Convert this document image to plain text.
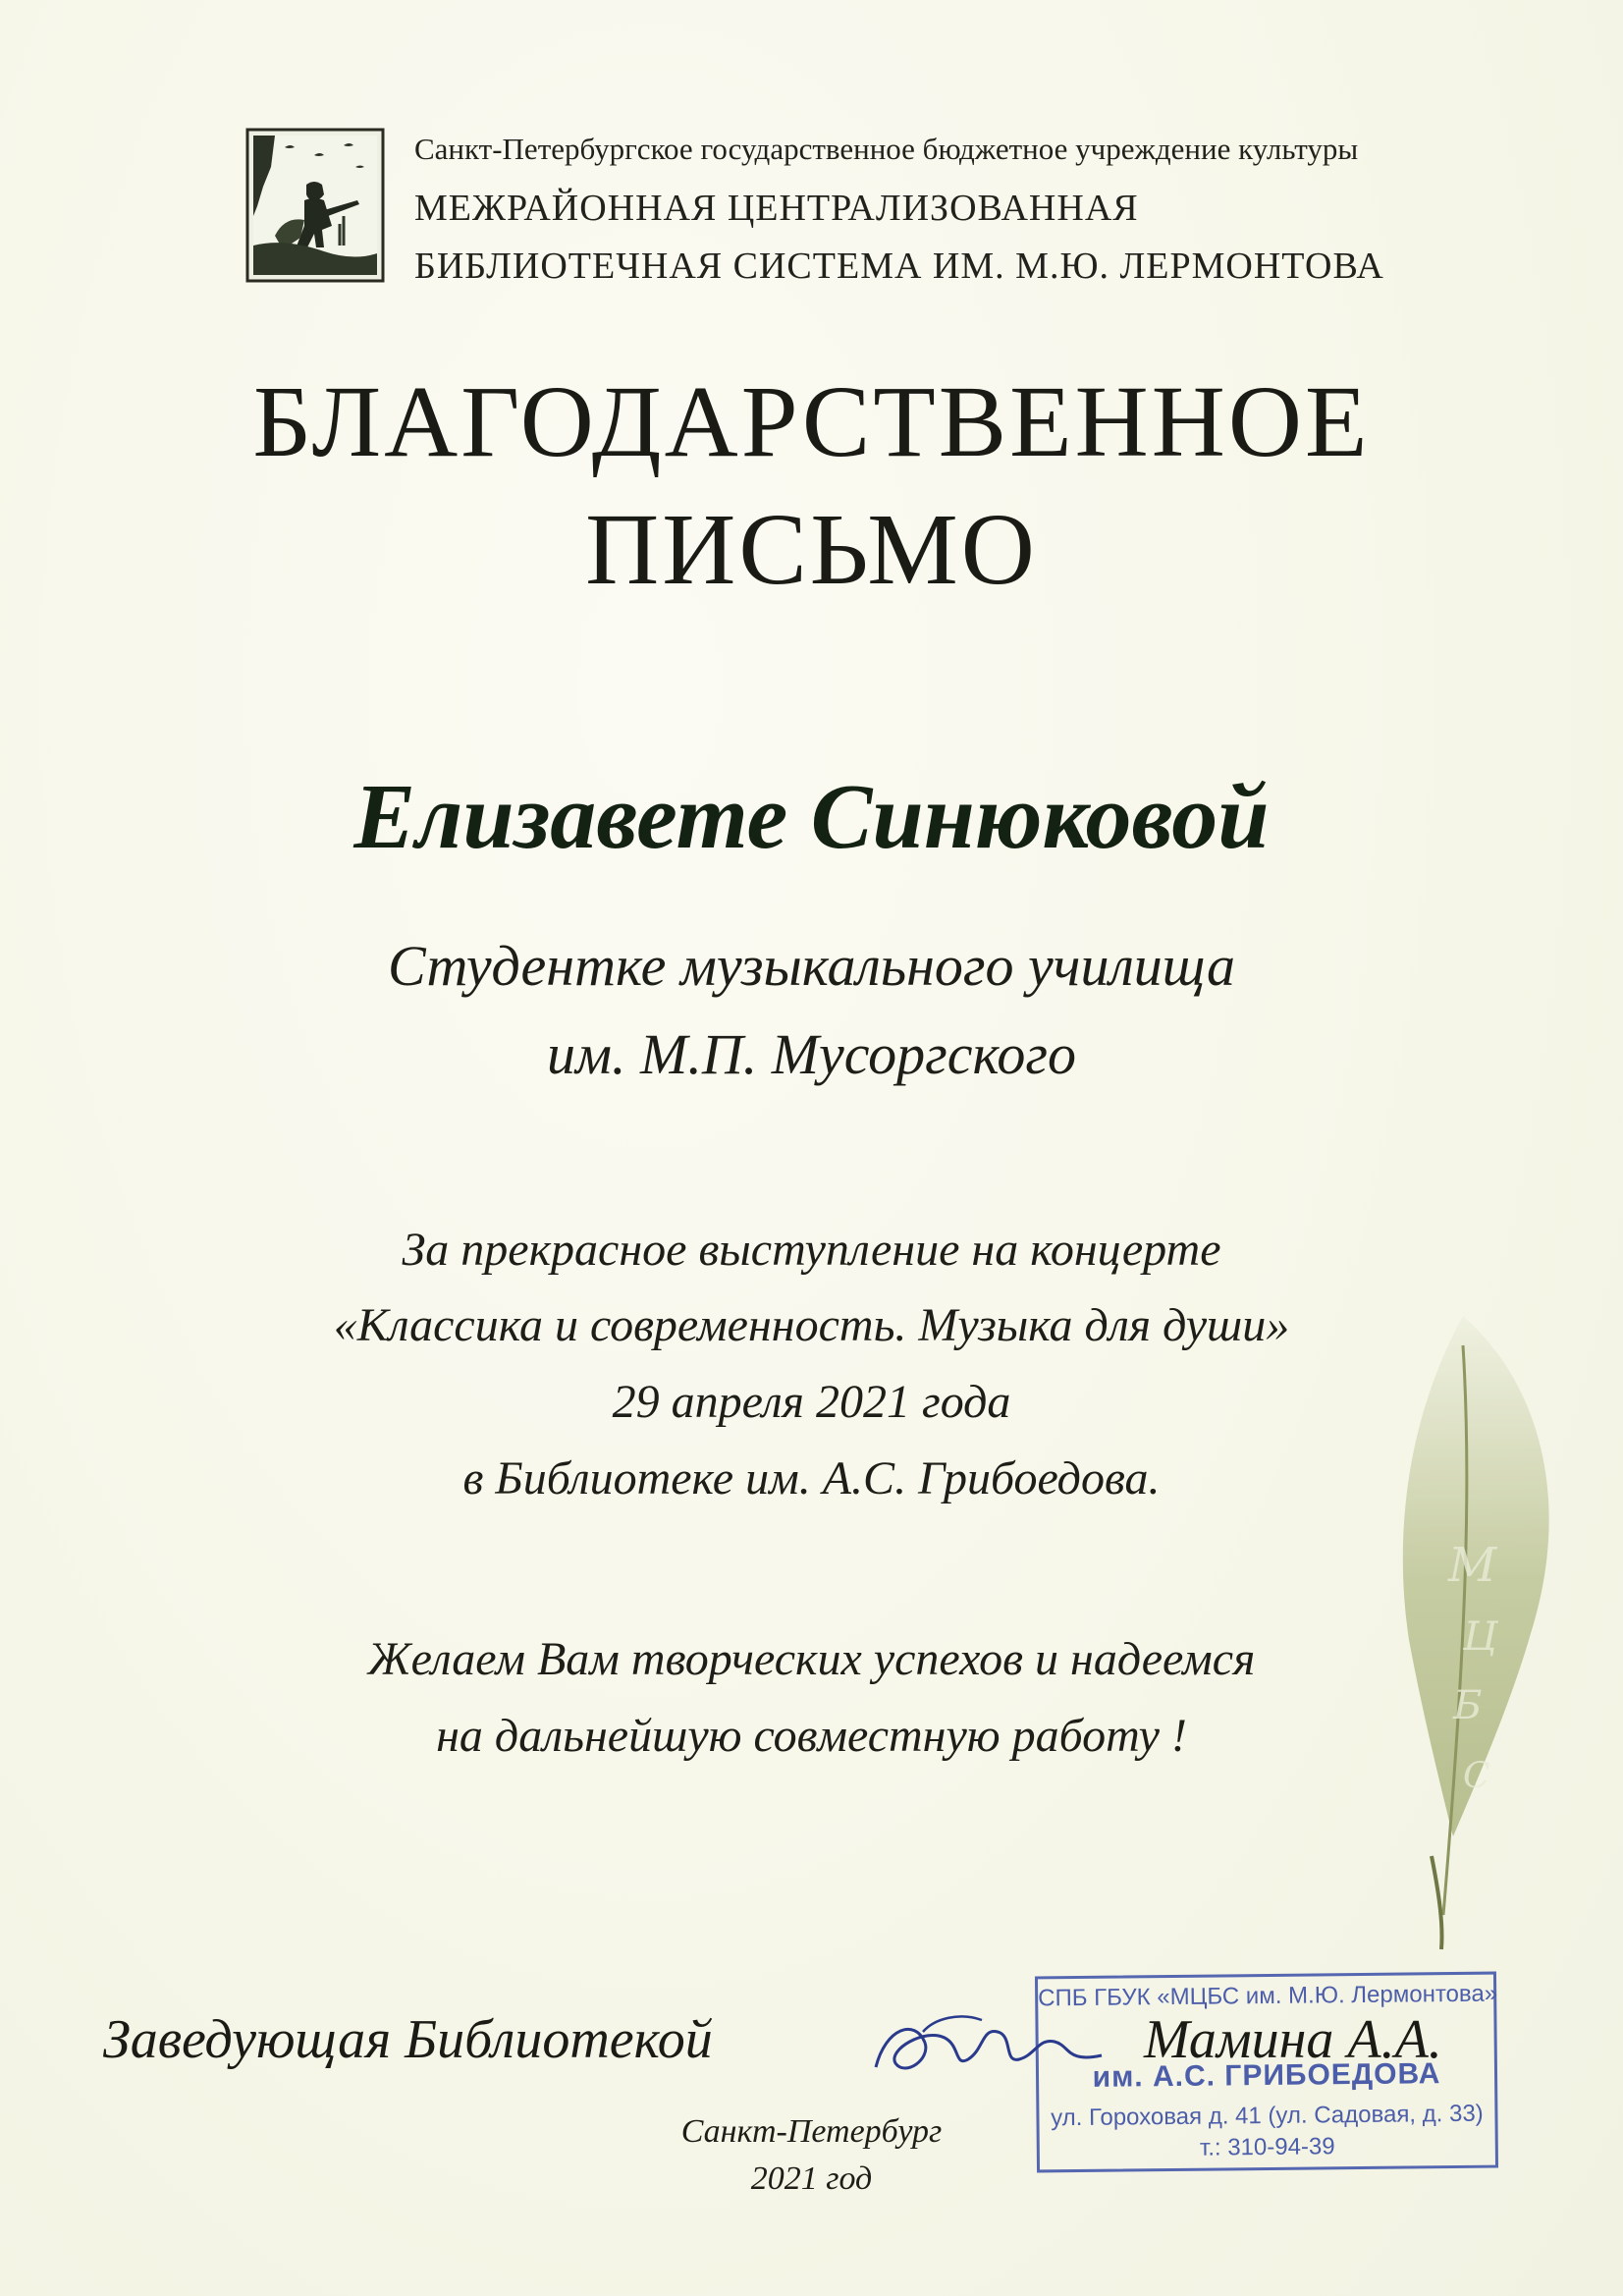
Санкт-Петербургское государственное бюджетное учреждение культуры
МЕЖРАЙОННАЯ ЦЕНТРАЛИЗОВАННАЯ
БИБЛИОТЕЧНАЯ СИСТЕМА ИМ. М.Ю. ЛЕРМОНТОВА
БЛАГОДАРСТВЕННОЕ
ПИСЬМО
Елизавете Синюковой
Студентке музыкального училища
им. М.П. Мусоргского
М
Ц
Б
С
За прекрасное выступление на концерте
«Классика и современность. Музыка для души»
29 апреля 2021 года
в Библиотеке им. А.С. Грибоедова.
Желаем Вам творческих успехов и надеемся
на дальнейшую совместную работу !
Заведующая Библиотекой
СПБ ГБУК «МЦБС им. М.Ю. Лермонтова»
им. А.С. ГРИБОЕДОВА
ул. Гороховая д. 41 (ул. Садовая, д. 33)
т.: 310-94-39
Мамина А.А.
Санкт-Петербург
2021 год
